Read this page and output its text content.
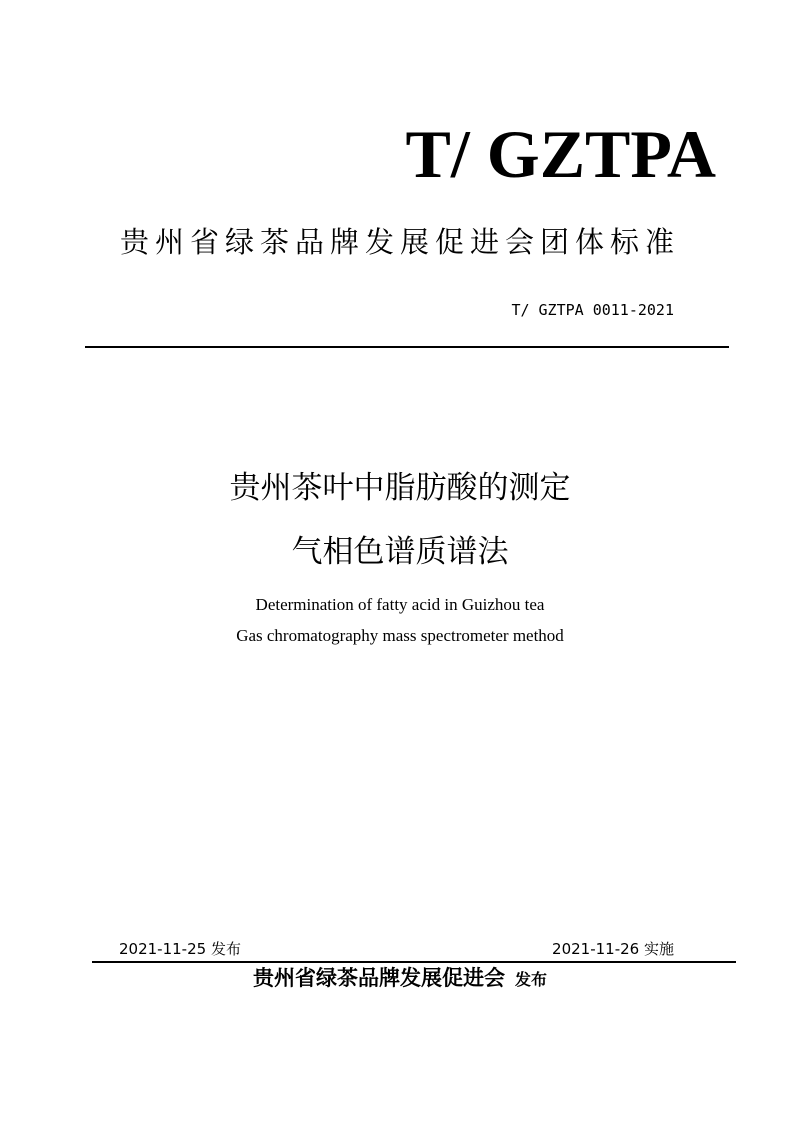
T/ GZTPA
贵州省绿茶品牌发展促进会团体标准
T/ GZTPA 0011-2021
贵州茶叶中脂肪酸的测定
气相色谱质谱法
Determination of fatty acid in Guizhou tea
Gas chromatography mass spectrometer method
2021-11-25 发布	2021-11-26 实施
贵州省绿茶品牌发展促进会 发布
